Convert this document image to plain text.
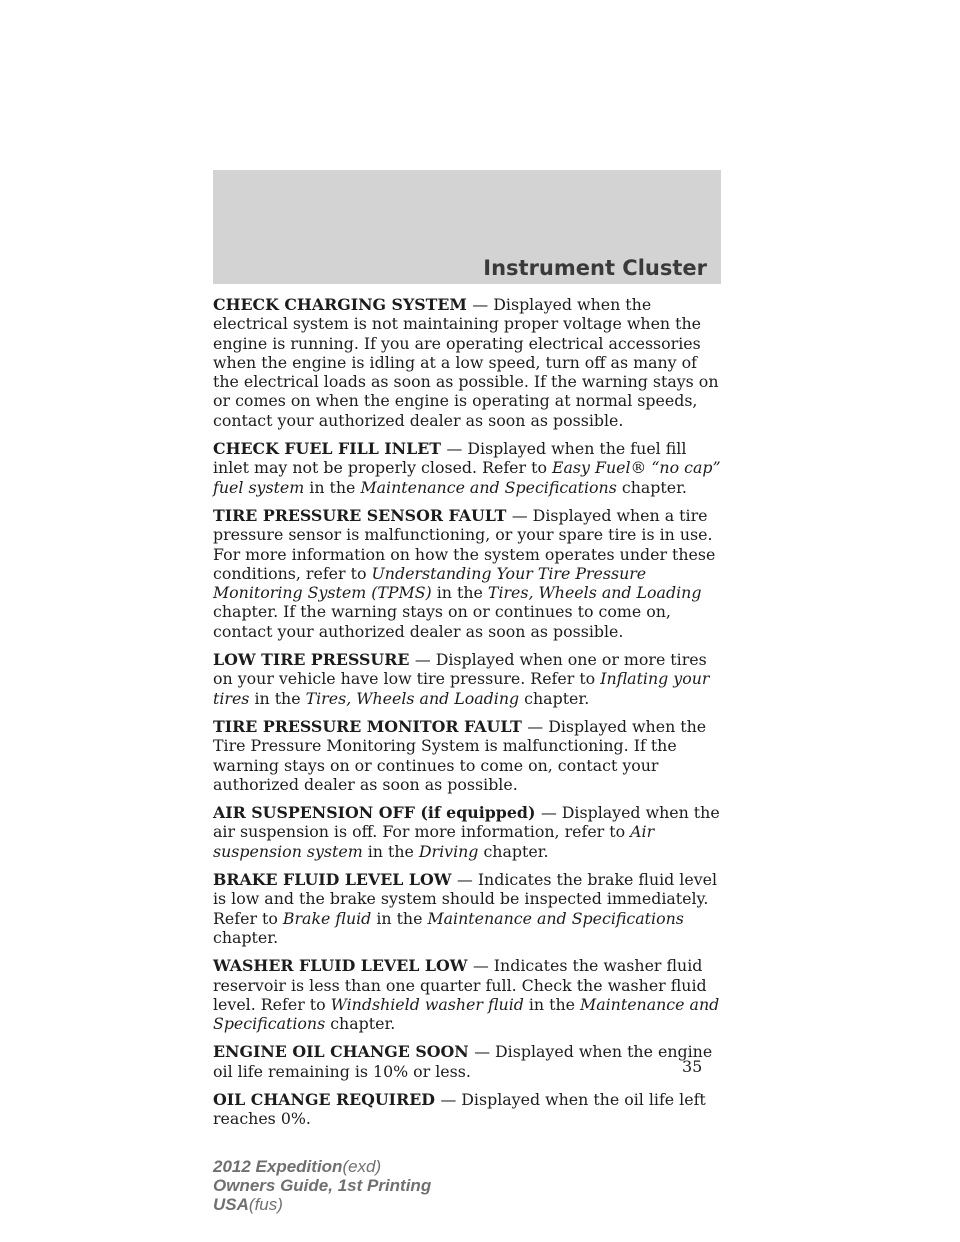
Instrument Cluster

CHECK CHARGING SYSTEM — Displayed when the electrical system is not maintaining proper voltage when the engine is running. If you are operating electrical accessories when the engine is idling at a low speed, turn off as many of the electrical loads as soon as possible. If the warning stays on or comes on when the engine is operating at normal speeds, contact your authorized dealer as soon as possible.

CHECK FUEL FILL INLET — Displayed when the fuel fill inlet may not be properly closed. Refer to Easy Fuel® “no cap” fuel system in the Maintenance and Specifications chapter.

TIRE PRESSURE SENSOR FAULT — Displayed when a tire pressure sensor is malfunctioning, or your spare tire is in use. For more information on how the system operates under these conditions, refer to Understanding Your Tire Pressure Monitoring System (TPMS) in the Tires, Wheels and Loading chapter. If the warning stays on or continues to come on, contact your authorized dealer as soon as possible.

LOW TIRE PRESSURE — Displayed when one or more tires on your vehicle have low tire pressure. Refer to Inflating your tires in the Tires, Wheels and Loading chapter.

TIRE PRESSURE MONITOR FAULT — Displayed when the Tire Pressure Monitoring System is malfunctioning. If the warning stays on or continues to come on, contact your authorized dealer as soon as possible.

AIR SUSPENSION OFF (if equipped) — Displayed when the air suspension is off. For more information, refer to Air suspension system in the Driving chapter.

BRAKE FLUID LEVEL LOW — Indicates the brake fluid level is low and the brake system should be inspected immediately. Refer to Brake fluid in the Maintenance and Specifications chapter.

WASHER FLUID LEVEL LOW — Indicates the washer fluid reservoir is less than one quarter full. Check the washer fluid level. Refer to Windshield washer fluid in the Maintenance and Specifications chapter.

ENGINE OIL CHANGE SOON — Displayed when the engine oil life remaining is 10% or less.

OIL CHANGE REQUIRED — Displayed when the oil life left reaches 0%.

35
2012 Expedition(exd)
Owners Guide, 1st Printing
USA(fus)
